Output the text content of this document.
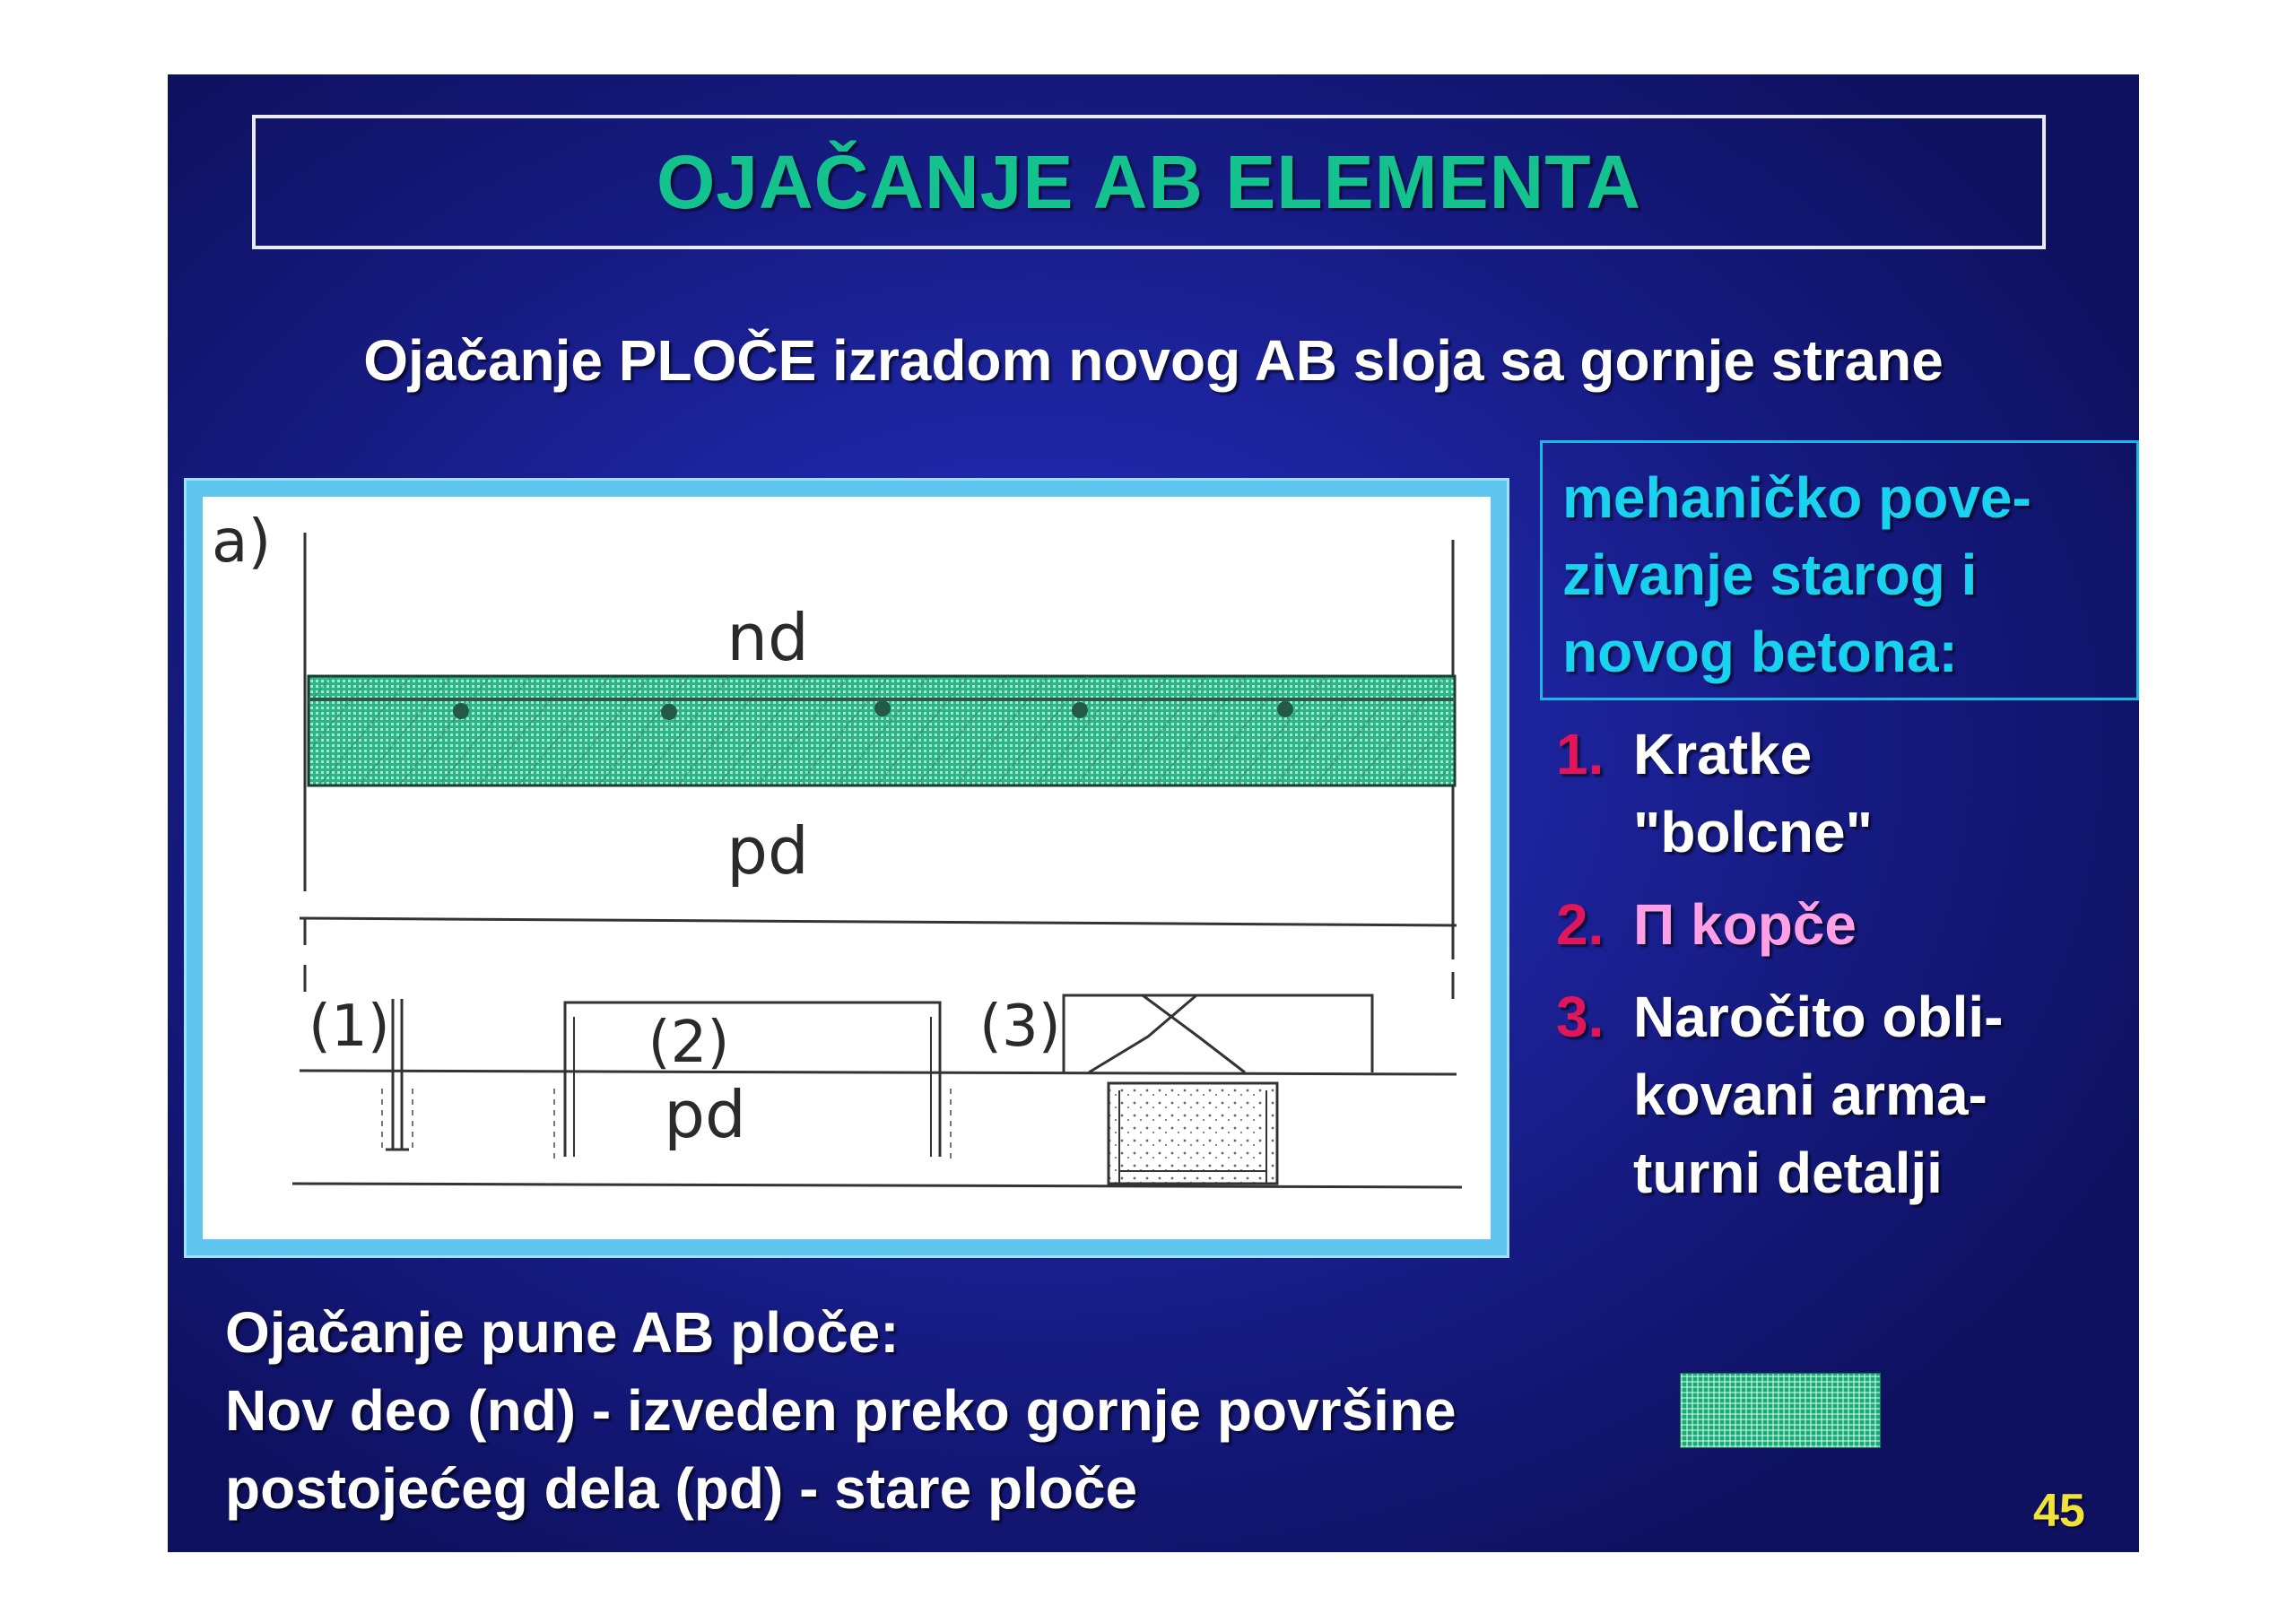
OJAČANJE AB ELEMENTA
Ojačanje PLOČE izradom novog AB sloja sa gornje strane
a)
nd
pd
(1)	(2)	(3)
pd
mehaničko pove-
zivanje starog i
novog betona:
1. Kratke
"bolcne"
2. Π kopče
3. Naročito obli-
kovani arma-
turni detalji
Ojačanje pune AB ploče:
Nov deo (nd) - izveden preko gornje površine
postojećeg dela (pd) - stare ploče	45
